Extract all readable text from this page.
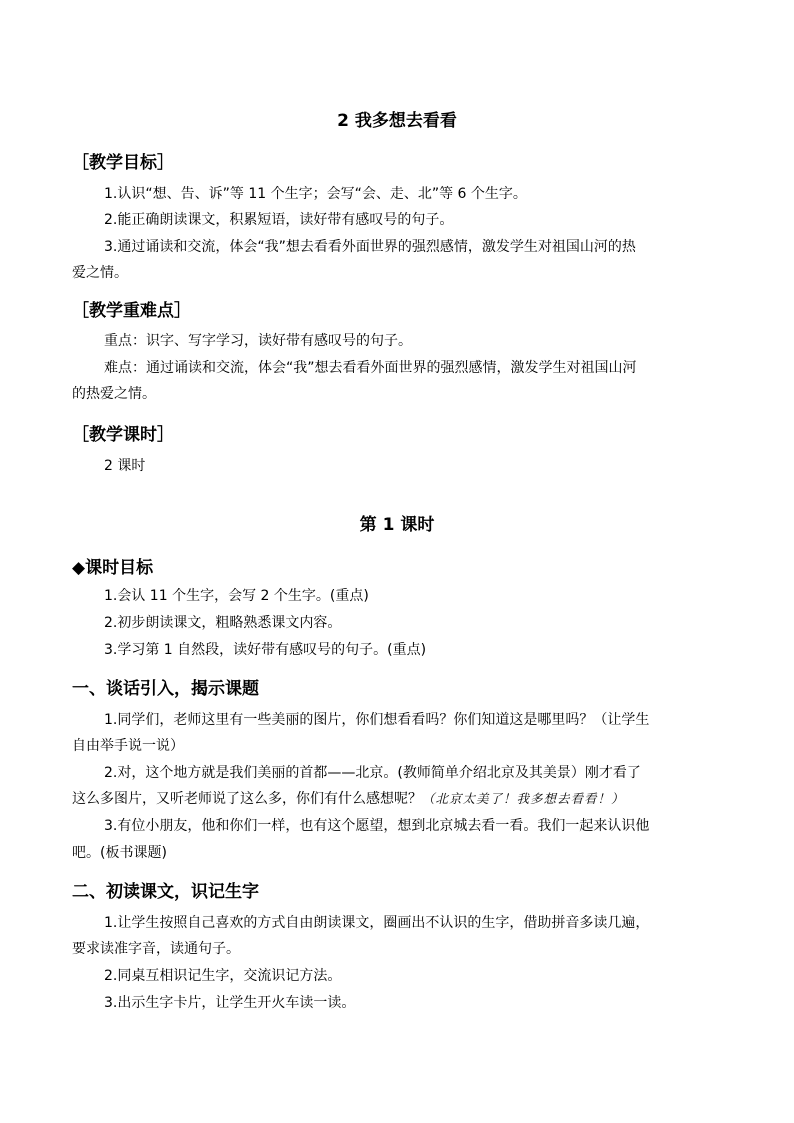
2 我多想去看看
［教学目标］
1.认识“想、告、诉”等 11 个生字；会写“会、走、北”等 6 个生字。
2.能正确朗读课文，积累短语，读好带有感叹号的句子。
3.通过诵读和交流，体会“我”想去看看外面世界的强烈感情，激发学生对祖国山河的热
爱之情。
［教学重难点］
重点：识字、写字学习，读好带有感叹号的句子。
难点：通过诵读和交流，体会“我”想去看看外面世界的强烈感情，激发学生对祖国山河
的热爱之情。
［教学课时］
2 课时
第 1 课时
◆课时目标
1.会认 11 个生字，会写 2 个生字。(重点)
2.初步朗读课文，粗略熟悉课文内容。
3.学习第 1 自然段，读好带有感叹号的句子。(重点)
一、谈话引入，揭示课题
1.同学们，老师这里有一些美丽的图片，你们想看看吗？你们知道这是哪里吗？（让学生
自由举手说一说）
2.对，这个地方就是我们美丽的首都——北京。(教师简单介绍北京及其美景）刚才看了
这么多图片，又听老师说了这么多，你们有什么感想呢？（北京太美了！我多想去看看！）
3.有位小朋友，他和你们一样，也有这个愿望，想到北京城去看一看。我们一起来认识他
吧。(板书课题)
二、初读课文，识记生字
1.让学生按照自己喜欢的方式自由朗读课文，圈画出不认识的生字，借助拼音多读几遍，
要求读准字音，读通句子。
2.同桌互相识记生字，交流识记方法。
3.出示生字卡片，让学生开火车读一读。
